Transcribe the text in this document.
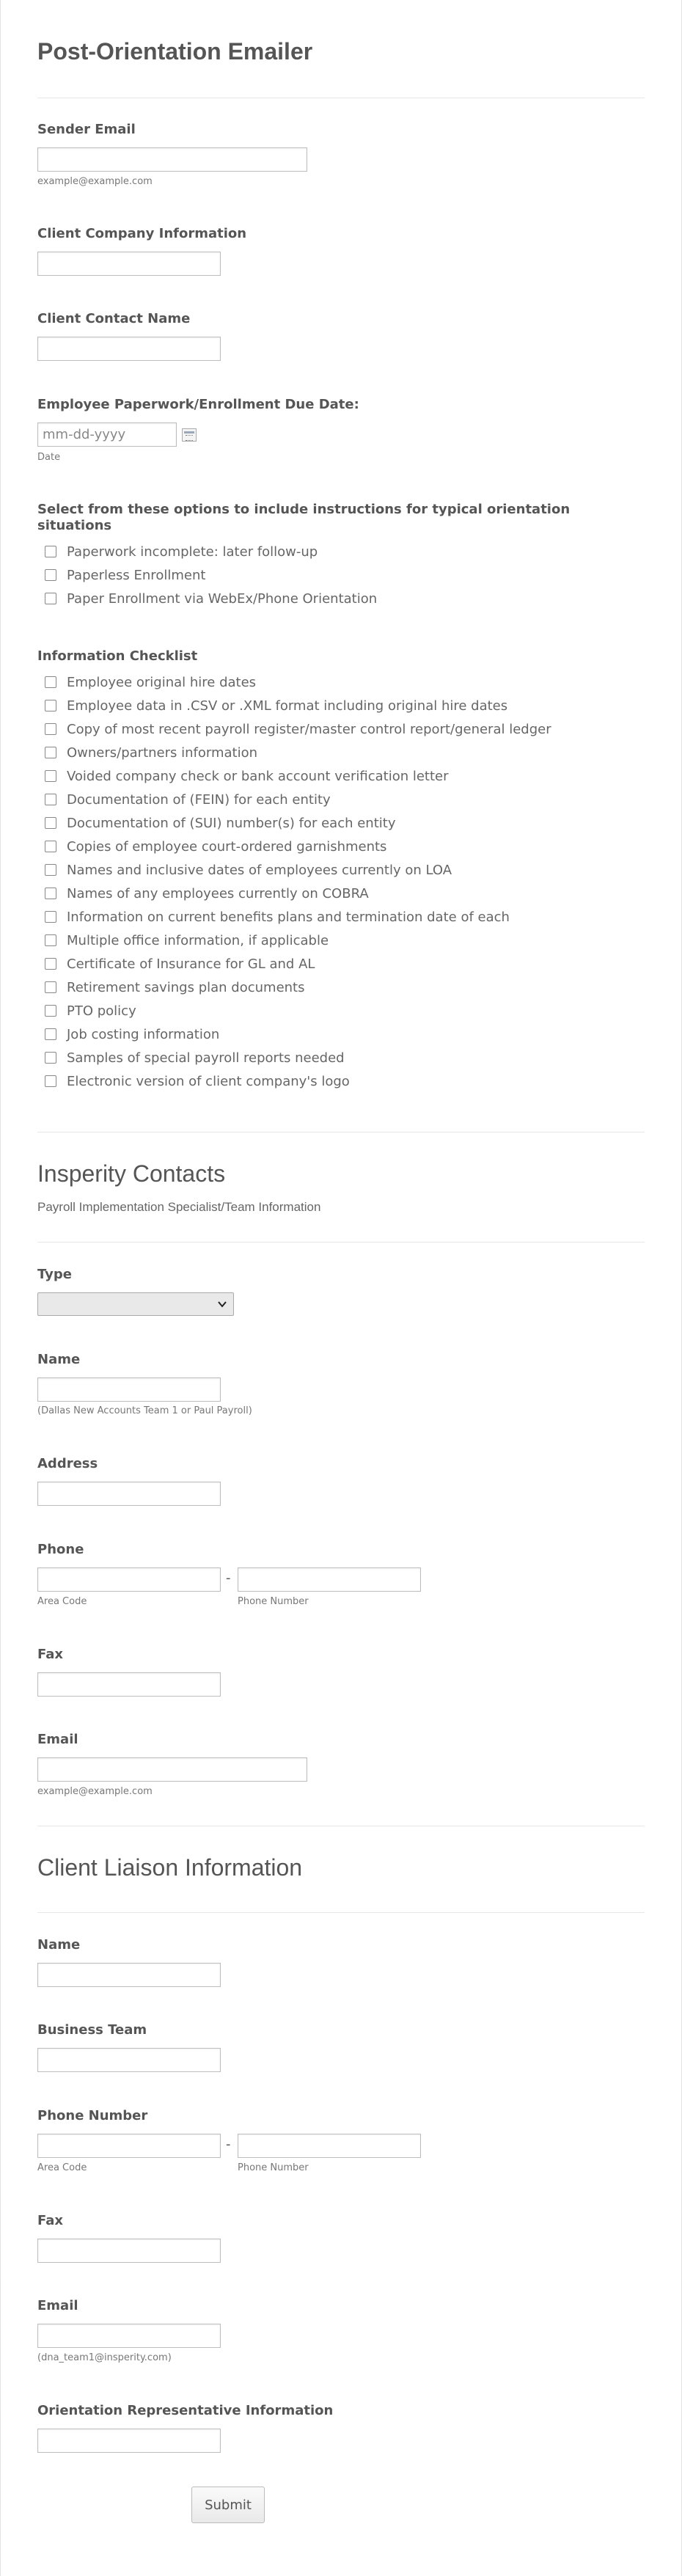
Post-Orientation Emailer
Sender Email
example@example.com
Client Company Information
Client Contact Name
Employee Paperwork/Enrollment Due Date:
mm-dd-yyyy
Date
Select from these options to include instructions for typical orientation situations
Paperwork incomplete: later follow-up
Paperless Enrollment
Paper Enrollment via WebEx/Phone Orientation
Information Checklist
Employee original hire dates
Employee data in .CSV or .XML format including original hire dates
Copy of most recent payroll register/master control report/general ledger
Owners/partners information
Voided company check or bank account verification letter
Documentation of (FEIN) for each entity
Documentation of (SUI) number(s) for each entity
Copies of employee court-ordered garnishments
Names and inclusive dates of employees currently on LOA
Names of any employees currently on COBRA
Information on current benefits plans and termination date of each
Multiple office information, if applicable
Certificate of Insurance for GL and AL
Retirement savings plan documents
PTO policy
Job costing information
Samples of special payroll reports needed
Electronic version of client company's logo
Insperity Contacts
Payroll Implementation Specialist/Team Information
Type
Name
(Dallas New Accounts Team 1 or Paul Payroll)
Address
Phone
-
Area Code	Phone Number
Fax
Email
example@example.com
Client Liaison Information
Name
Business Team
Phone Number
-
Area Code	Phone Number
Fax
Email
(dna_team1@insperity.com)
Orientation Representative Information
Submit
